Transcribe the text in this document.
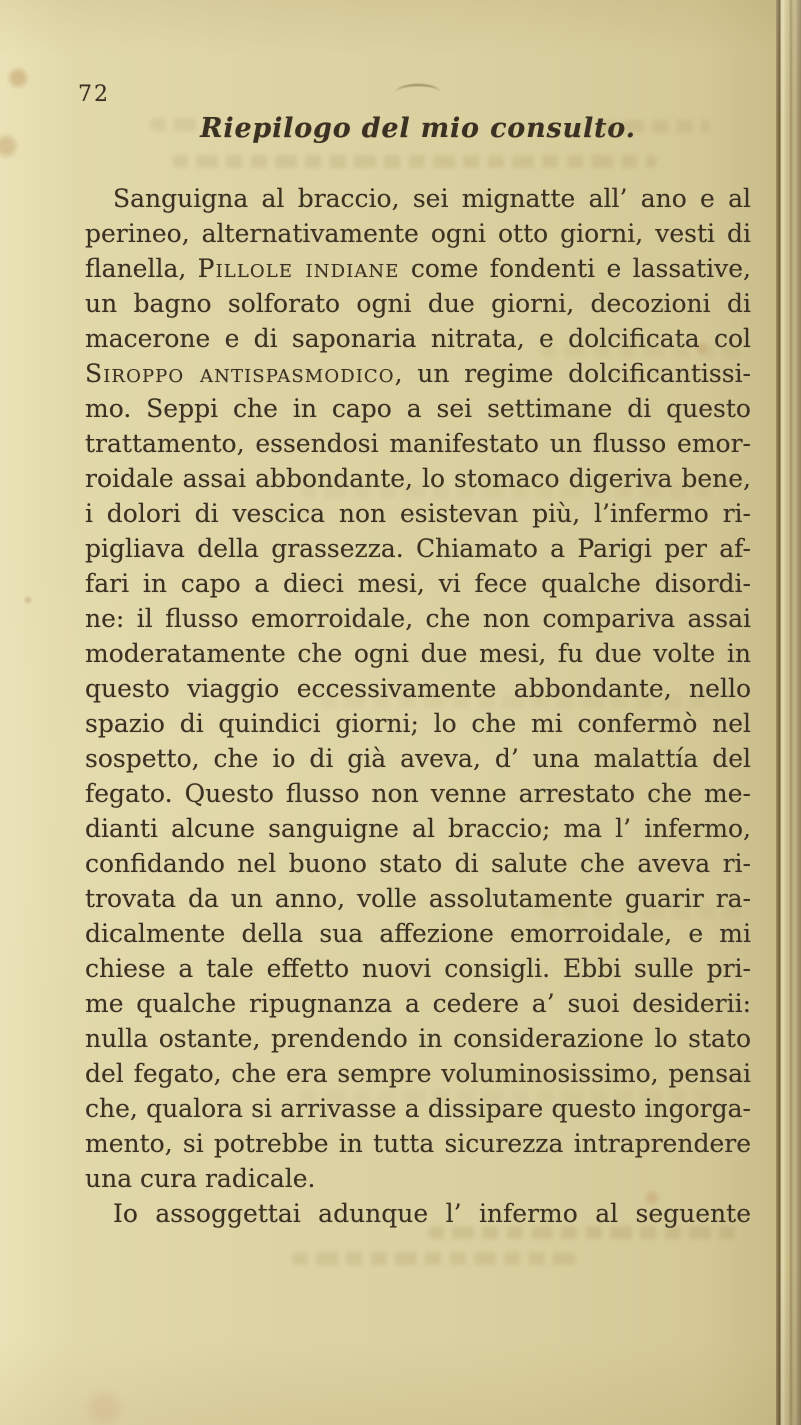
72
Riepilogo del mio consulto.
Sanguigna al braccio, sei mignatte all’ ano e al
perineo, alternativamente ogni otto giorni, vesti di
flanella, Pillole indiane come fondenti e lassative,
un bagno solforato ogni due giorni, decozioni di
macerone e di saponaria nitrata, e dolcificata col
Siroppo antispasmodico, un regime dolcificantissi-
mo. Seppi che in capo a sei settimane di questo
trattamento, essendosi manifestato un flusso emor-
roidale assai abbondante, lo stomaco digeriva bene,
i dolori di vescica non esistevan più, l’infermo ri-
pigliava della grassezza. Chiamato a Parigi per af-
fari in capo a dieci mesi, vi fece qualche disordi-
ne: il flusso emorroidale, che non compariva assai
moderatamente che ogni due mesi, fu due volte in
questo viaggio eccessivamente abbondante, nello
spazio di quindici giorni; lo che mi confermò nel
sospetto, che io di già aveva, d’ una malattía del
fegato. Questo flusso non venne arrestato che me-
dianti alcune sanguigne al braccio; ma l’ infermo,
confidando nel buono stato di salute che aveva ri-
trovata da un anno, volle assolutamente guarir ra-
dicalmente della sua affezione emorroidale, e mi
chiese a tale effetto nuovi consigli. Ebbi sulle pri-
me qualche ripugnanza a cedere a’ suoi desiderii:
nulla ostante, prendendo in considerazione lo stato
del fegato, che era sempre voluminosissimo, pensai
che, qualora si arrivasse a dissipare questo ingorga-
mento, si potrebbe in tutta sicurezza intraprendere
una cura radicale.
Io assoggettai adunque l’ infermo al seguente
